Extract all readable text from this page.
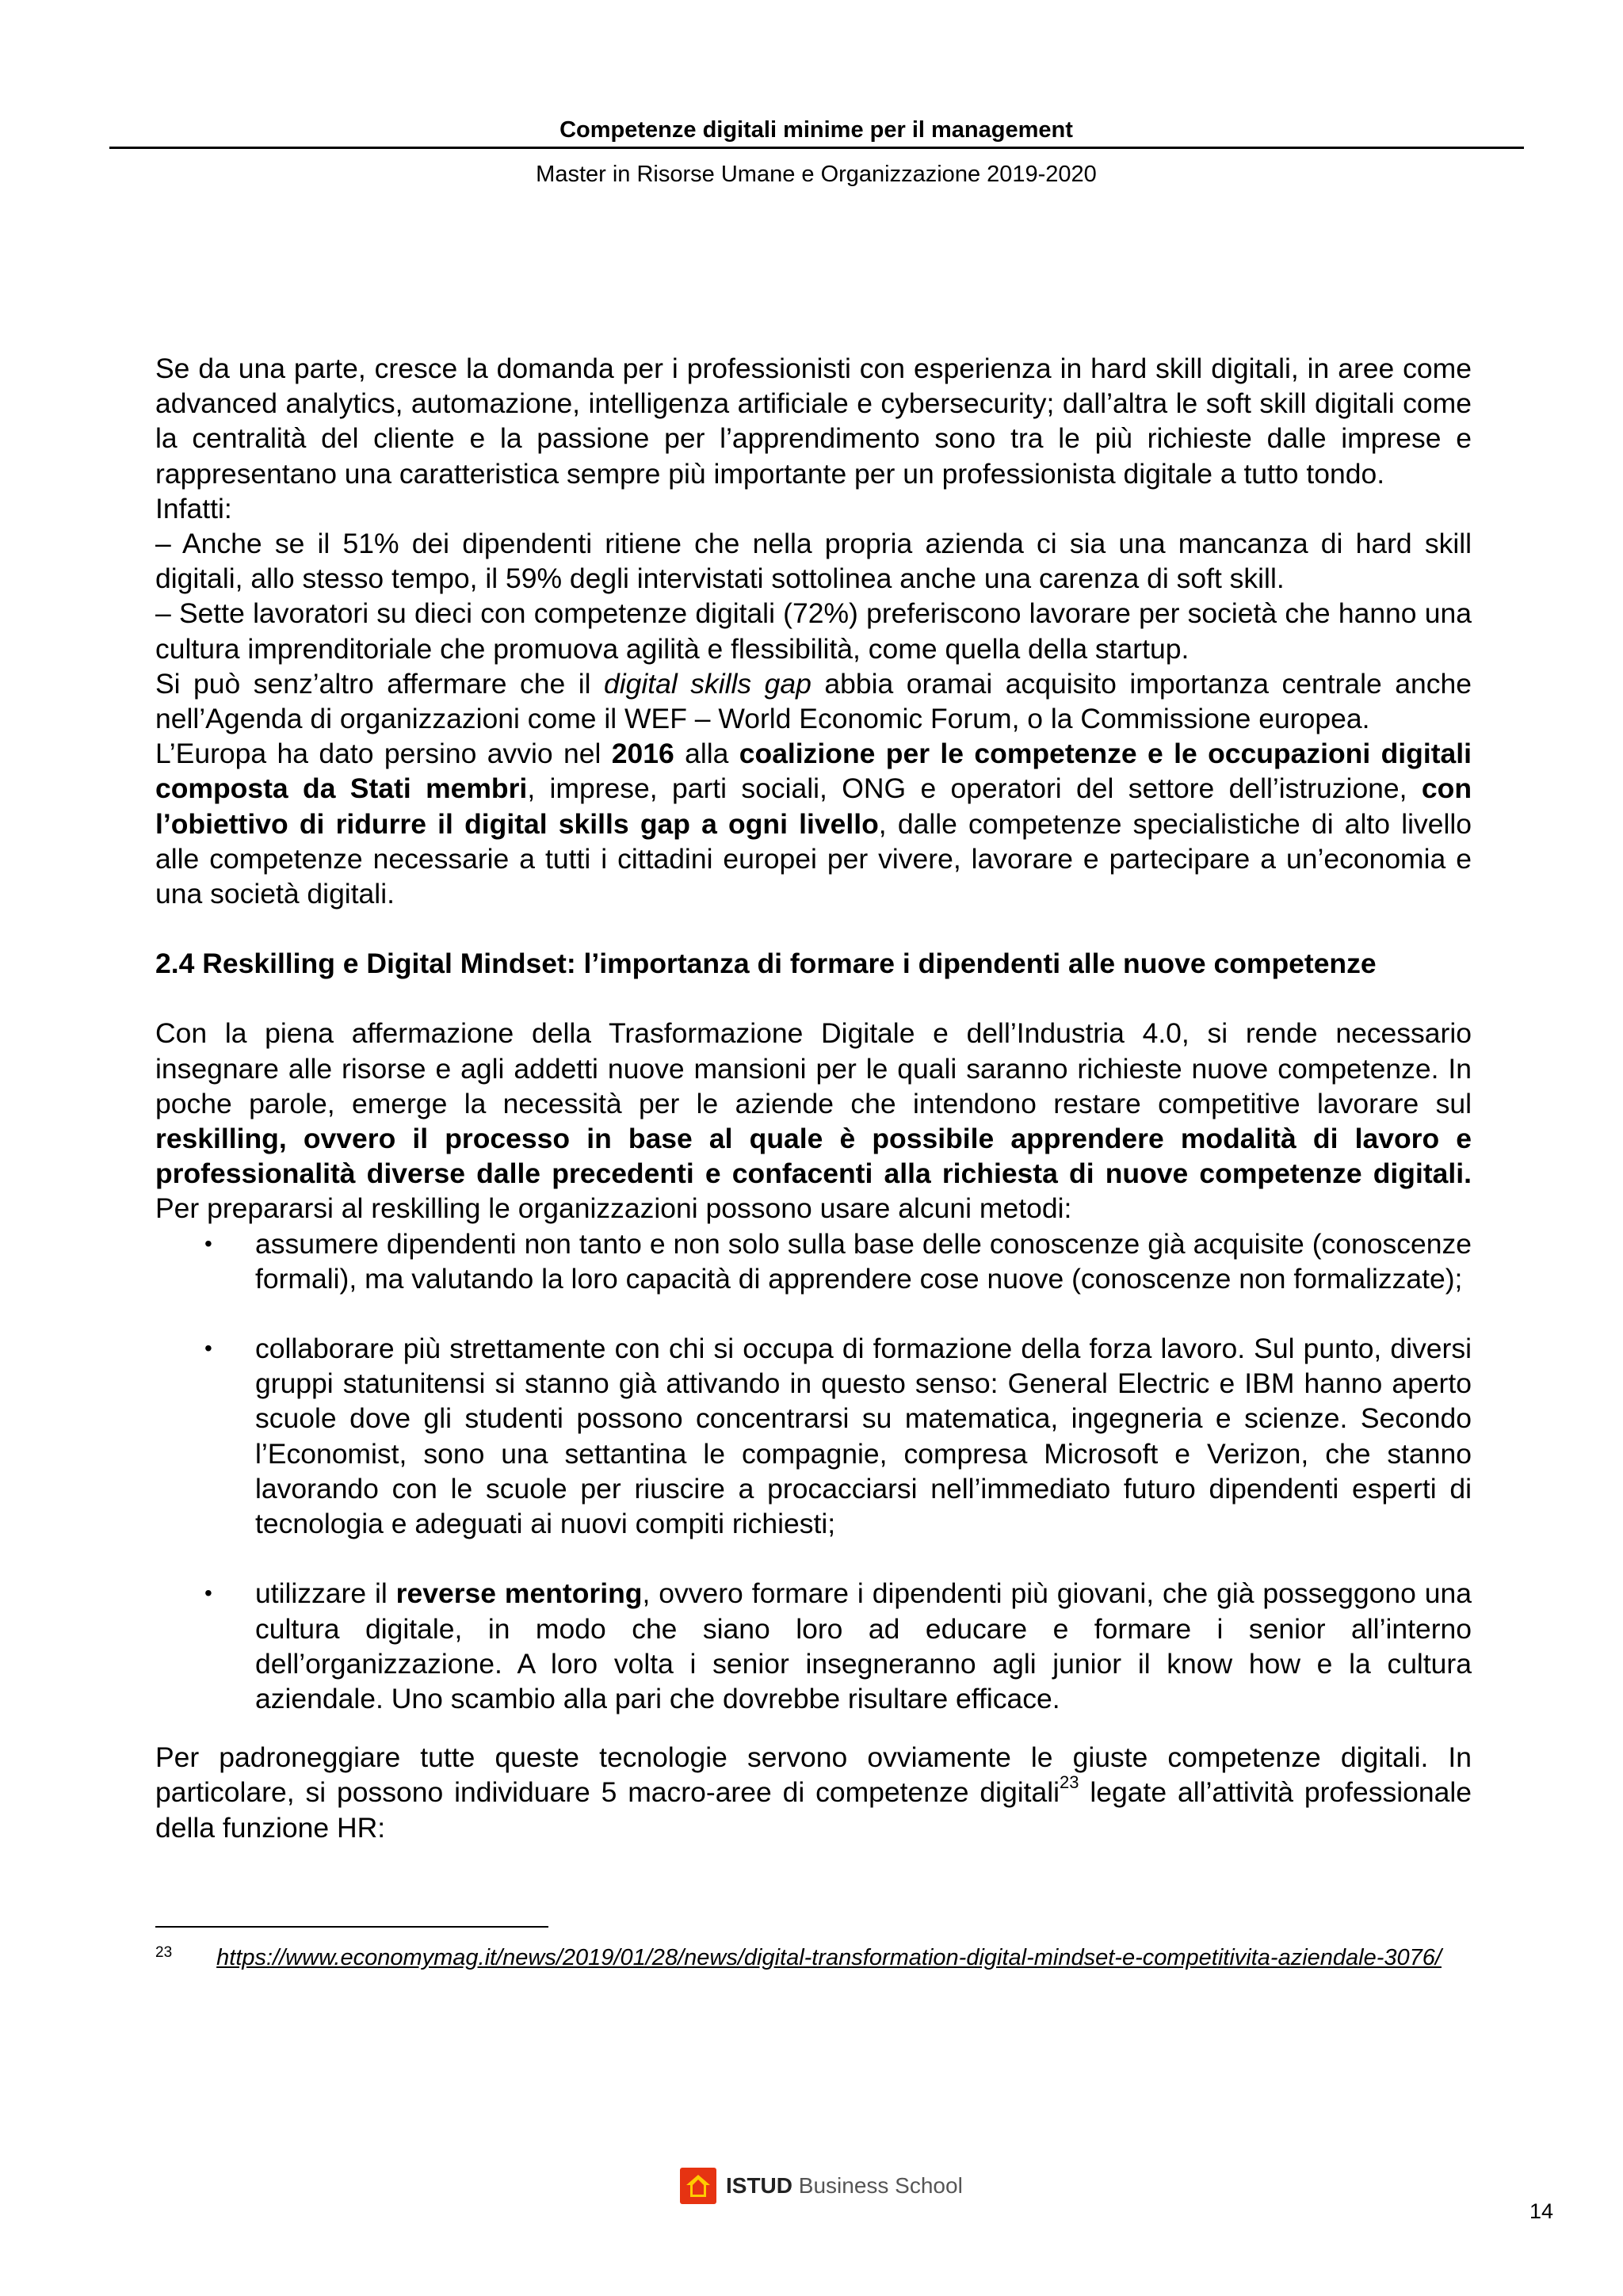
Competenze digitali minime per il management
Master in Risorse Umane e Organizzazione 2019-2020

Se da una parte, cresce la domanda per i professionisti con esperienza in hard skill digitali, in aree come advanced analytics, automazione, intelligenza artificiale e cybersecurity; dall’altra le soft skill digitali come la centralità del cliente e la passione per l’apprendimento sono tra le più richieste dalle imprese e rappresentano una caratteristica sempre più importante per un professionista digitale a tutto tondo.

Infatti:

– Anche se il 51% dei dipendenti ritiene che nella propria azienda ci sia una mancanza di hard skill digitali, allo stesso tempo, il 59% degli intervistati sottolinea anche una carenza di soft skill.

– Sette lavoratori su dieci con competenze digitali (72%) preferiscono lavorare per società che hanno una cultura imprenditoriale che promuova agilità e flessibilità, come quella della startup.

Si può senz’altro affermare che il digital skills gap abbia oramai acquisito importanza centrale anche nell’Agenda di organizzazioni come il WEF – World Economic Forum, o la Commissione europea.

L’Europa ha dato persino avvio nel 2016 alla coalizione per le competenze e le occupazioni digitali composta da Stati membri, imprese, parti sociali, ONG e operatori del settore dell’istruzione, con l’obiettivo di ridurre il digital skills gap a ogni livello, dalle competenze specialistiche di alto livello alle competenze necessarie a tutti i cittadini europei per vivere, lavorare e partecipare a un’economia e una società digitali.

2.4 Reskilling e Digital Mindset: l’importanza di formare i dipendenti alle nuove competenze

Con la piena affermazione della Trasformazione Digitale e dell’Industria 4.0, si rende necessario insegnare alle risorse e agli addetti nuove mansioni per le quali saranno richieste nuove competenze. In poche parole, emerge la necessità per le aziende che intendono restare competitive lavorare sul reskilling, ovvero il processo in base al quale è possibile apprendere modalità di lavoro e professionalità diverse dalle precedenti e confacenti alla richiesta di nuove competenze digitali. Per prepararsi al reskilling le organizzazioni possono usare alcuni metodi:

• assumere dipendenti non tanto e non solo sulla base delle conoscenze già acquisite (conoscenze formali), ma valutando la loro capacità di apprendere cose nuove (conoscenze non formalizzate);
• collaborare più strettamente con chi si occupa di formazione della forza lavoro. Sul punto, diversi gruppi statunitensi si stanno già attivando in questo senso: General Electric e IBM hanno aperto scuole dove gli studenti possono concentrarsi su matematica, ingegneria e scienze. Secondo l’Economist, sono una settantina le compagnie, compresa Microsoft e Verizon, che stanno lavorando con le scuole per riuscire a procacciarsi nell’immediato futuro dipendenti esperti di tecnologia e adeguati ai nuovi compiti richiesti;
• utilizzare il reverse mentoring, ovvero formare i dipendenti più giovani, che già posseggono una cultura digitale, in modo che siano loro ad educare e formare i senior all’interno dell’organizzazione. A loro volta i senior insegneranno agli junior il know how e la cultura aziendale. Uno scambio alla pari che dovrebbe risultare efficace.

Per padroneggiare tutte queste tecnologie servono ovviamente le giuste competenze digitali. In particolare, si possono individuare 5 macro-aree di competenze digitali$^{23}$ legate all’attività professionale della funzione HR:

$^{23}$ https://www.economymag.it/news/2019/01/28/news/digital-transformation-digital-mindset-e-competitivita-aziendale-3076/
ISTUD Business School
14
